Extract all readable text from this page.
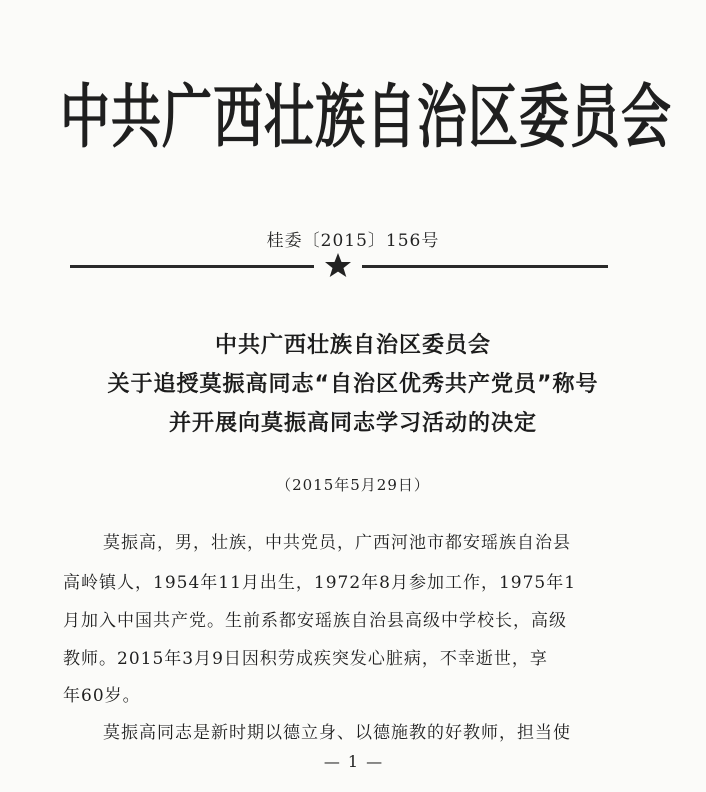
中共广西壮族自治区委员会
桂委〔2015〕156号
中共广西壮族自治区委员会
关于追授莫振高同志“自治区优秀共产党员”称号
并开展向莫振高同志学习活动的决定
（2015年5月29日）
莫振高，男，壮族，中共党员，广西河池市都安瑶族自治县
高岭镇人，1954年11月出生，1972年8月参加工作，1975年1
月加入中国共产党。生前系都安瑶族自治县高级中学校长，高级
教师。2015年3月9日因积劳成疾突发心脏病，不幸逝世，享
年60岁。
莫振高同志是新时期以德立身、以德施教的好教师，担当使
— 1 —
